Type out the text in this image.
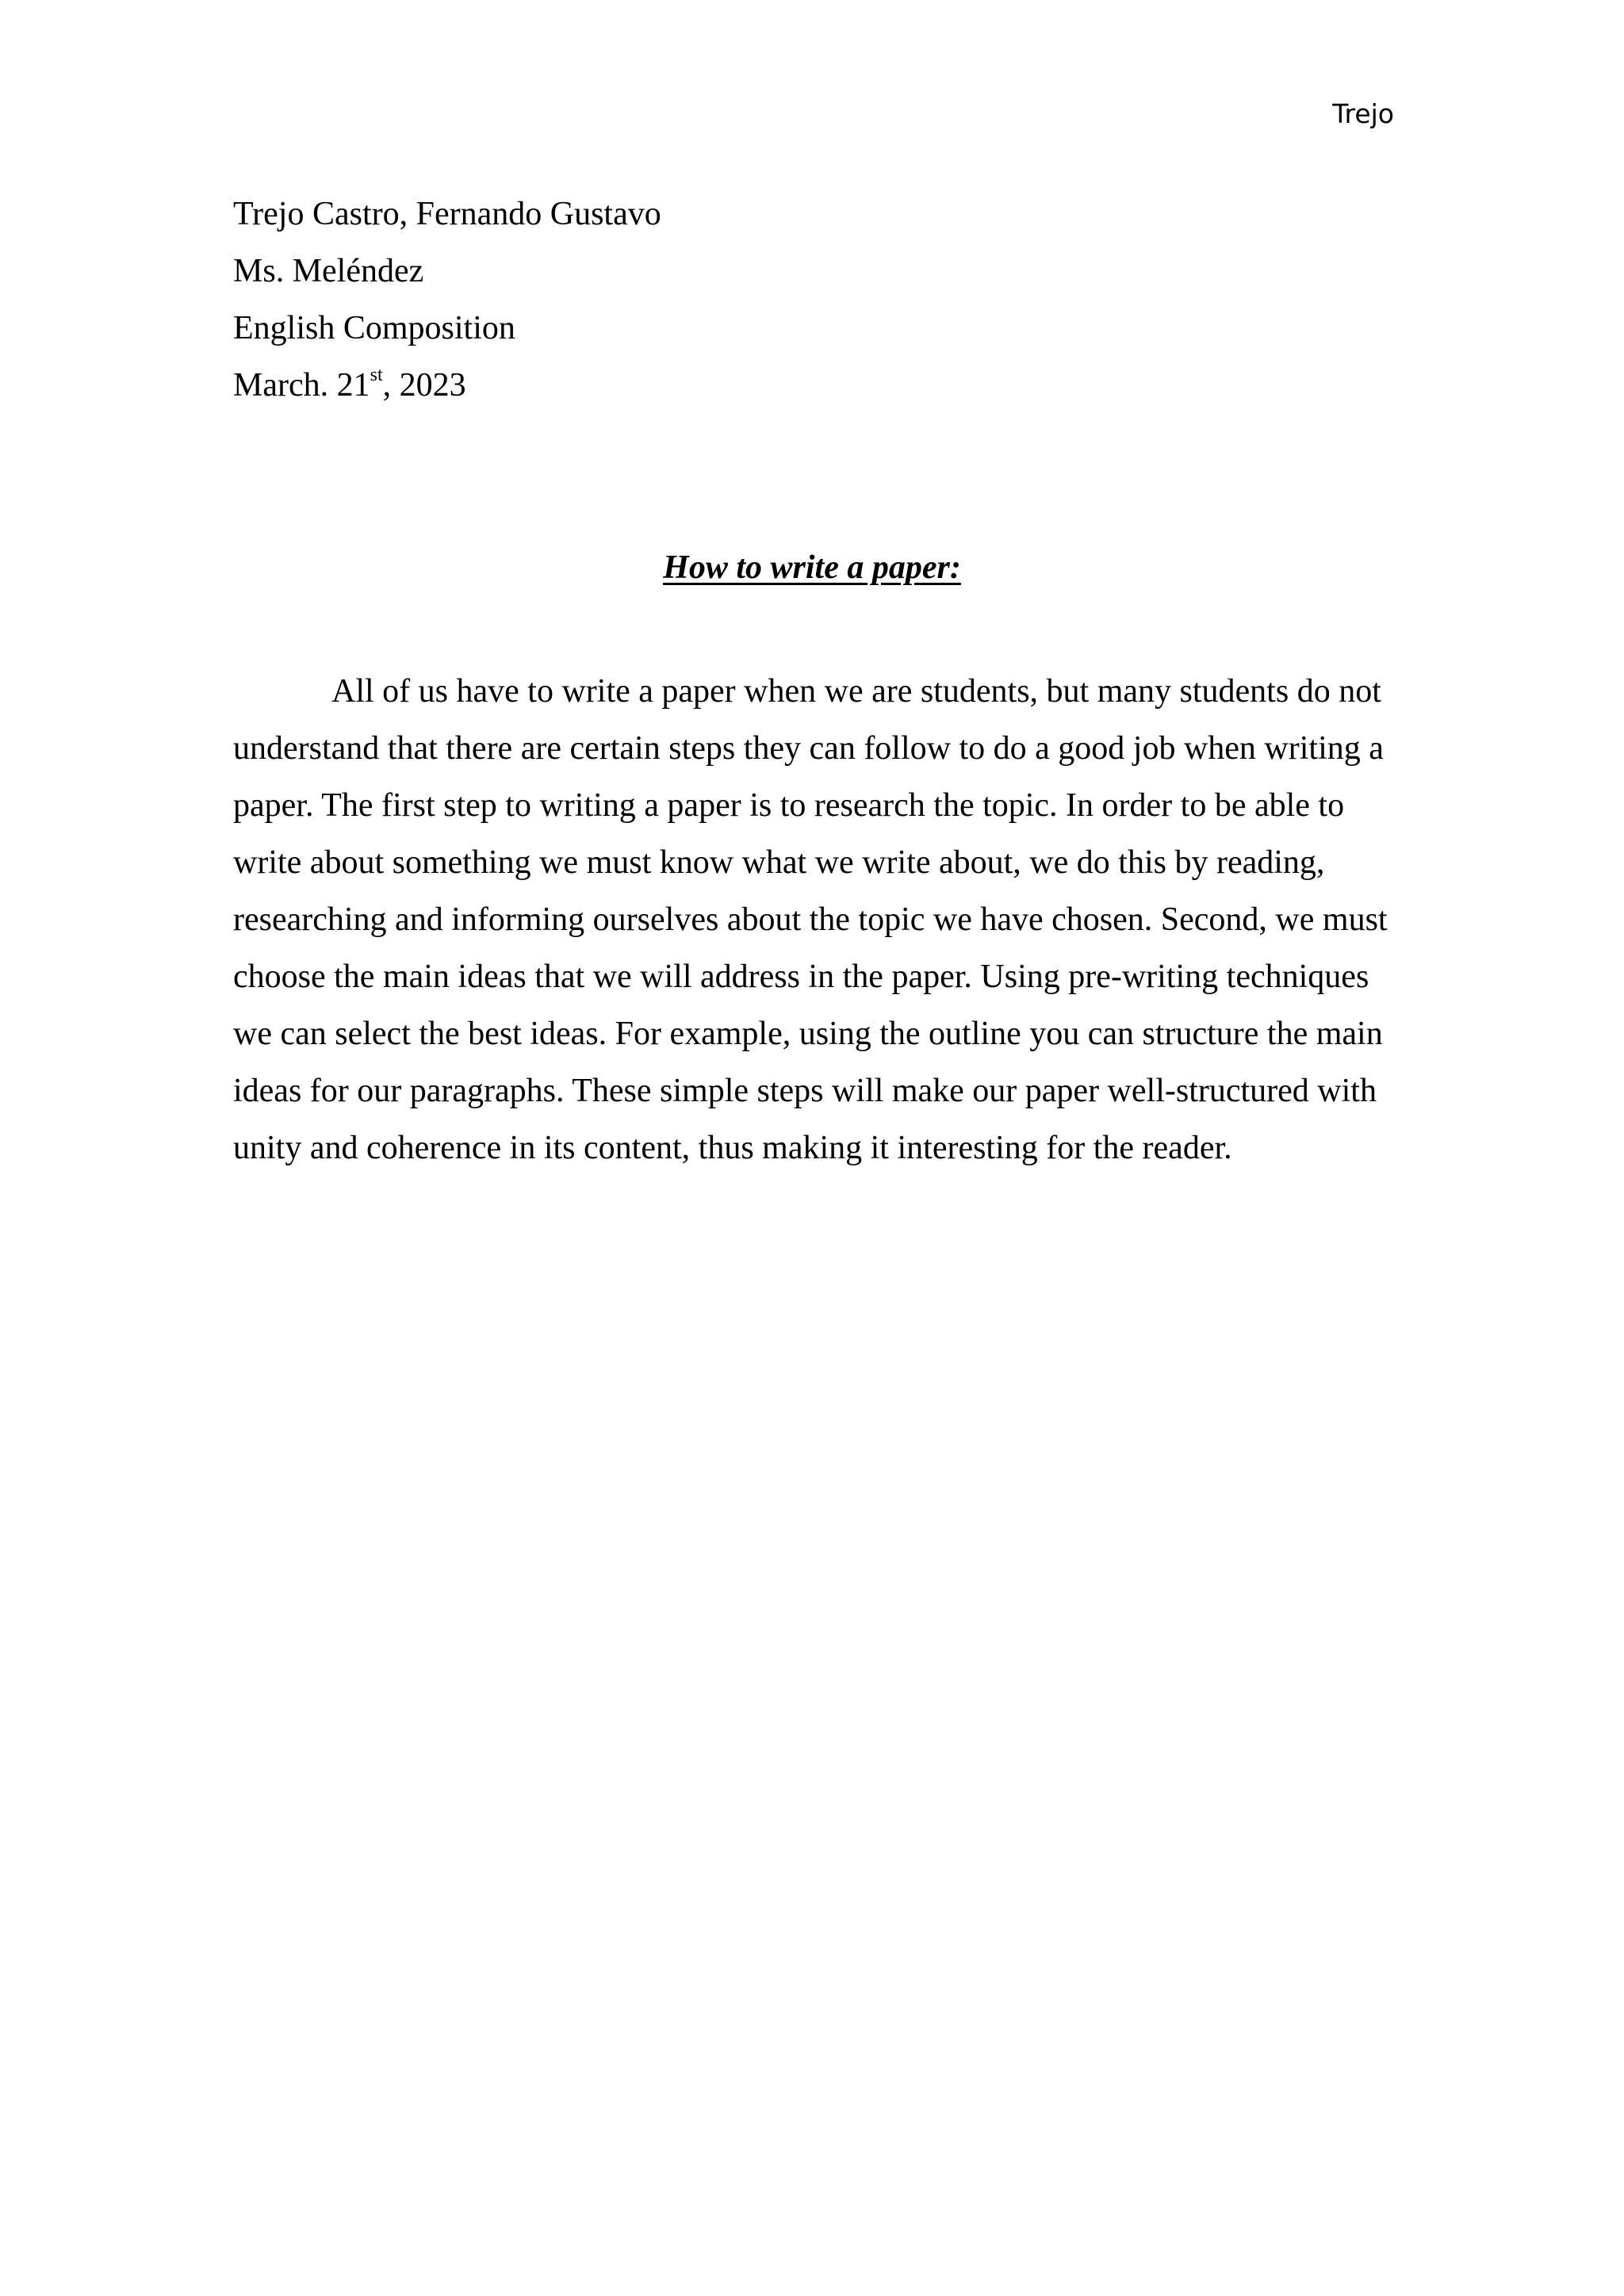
Trejo
Trejo Castro, Fernando Gustavo
Ms. Meléndez
English Composition
March. 21st, 2023
How to write a paper:

All of us have to write a paper when we are students, but many students do not understand that there are certain steps they can follow to do a good job when writing a paper. The first step to writing a paper is to research the topic. In order to be able to write about something we must know what we write about, we do this by reading, researching and informing ourselves about the topic we have chosen. Second, we must choose the main ideas that we will address in the paper. Using pre-writing techniques we can select the best ideas. For example, using the outline you can structure the main ideas for our paragraphs. These simple steps will make our paper well-structured with unity and coherence in its content, thus making it interesting for the reader.
